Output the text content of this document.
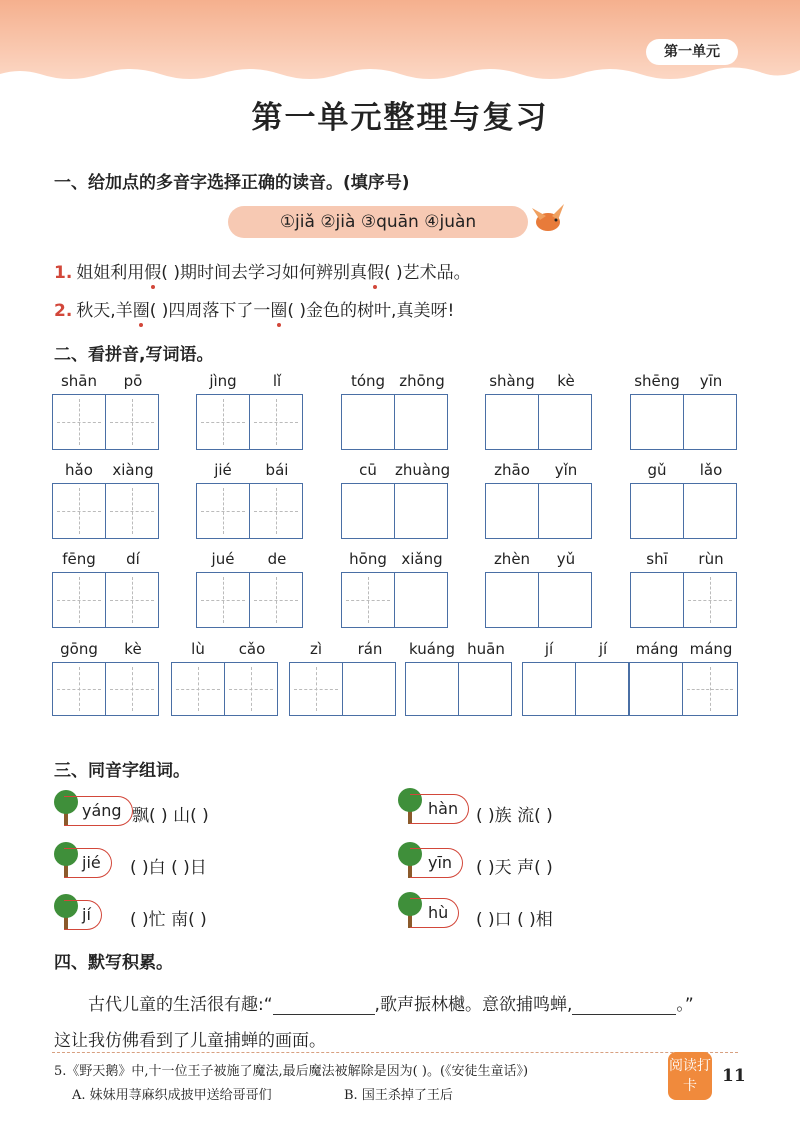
第一单元
第一单元整理与复习
一、给加点的多音字选择正确的读音。(填序号)
①jiǎ ②jià ③quān ④juàn
1. 姐姐利用假( )期时间去学习如何辨别真假( )艺术品。
2. 秋天,羊圈( )四周落下了一圈( )金色的树叶,真美呀!
二、看拼音,写词语。
shān	pō	jìng	lǐ	tóng zhōng	shàng	kè	shēng	yīn
hǎo	xiàng	jié	bái	cū	zhuàng	zhāo	yǐn	gǔ	lǎo
fēng	dí	jué	de	hōng xiǎng	zhèn	yǔ	shī	rùn
gōng	kè	lù	cǎo	zì	rán	kuáng huān	jí	jí	máng máng
三、同音字组词。
yáng 飘( ) 山( )	hàn	( )族 流( )
jié	( )白 ( )日	yīn	( )天 声( )
jí	( )忙 南( )	hù	( )口 ( )相
四、默写积累。
古代儿童的生活很有趣:“	,歌声振林樾。意欲捕鸣蝉,	。”
这让我仿佛看到了儿童捕蝉的画面。
5.《野天鹅》中,十一位王子被施了魔法,最后魔法被解除是因为( )。(《安徒生童话》)
A. 妹妹用荨麻织成披甲送给哥哥们	B. 国王杀掉了王后
阅读打卡	11
